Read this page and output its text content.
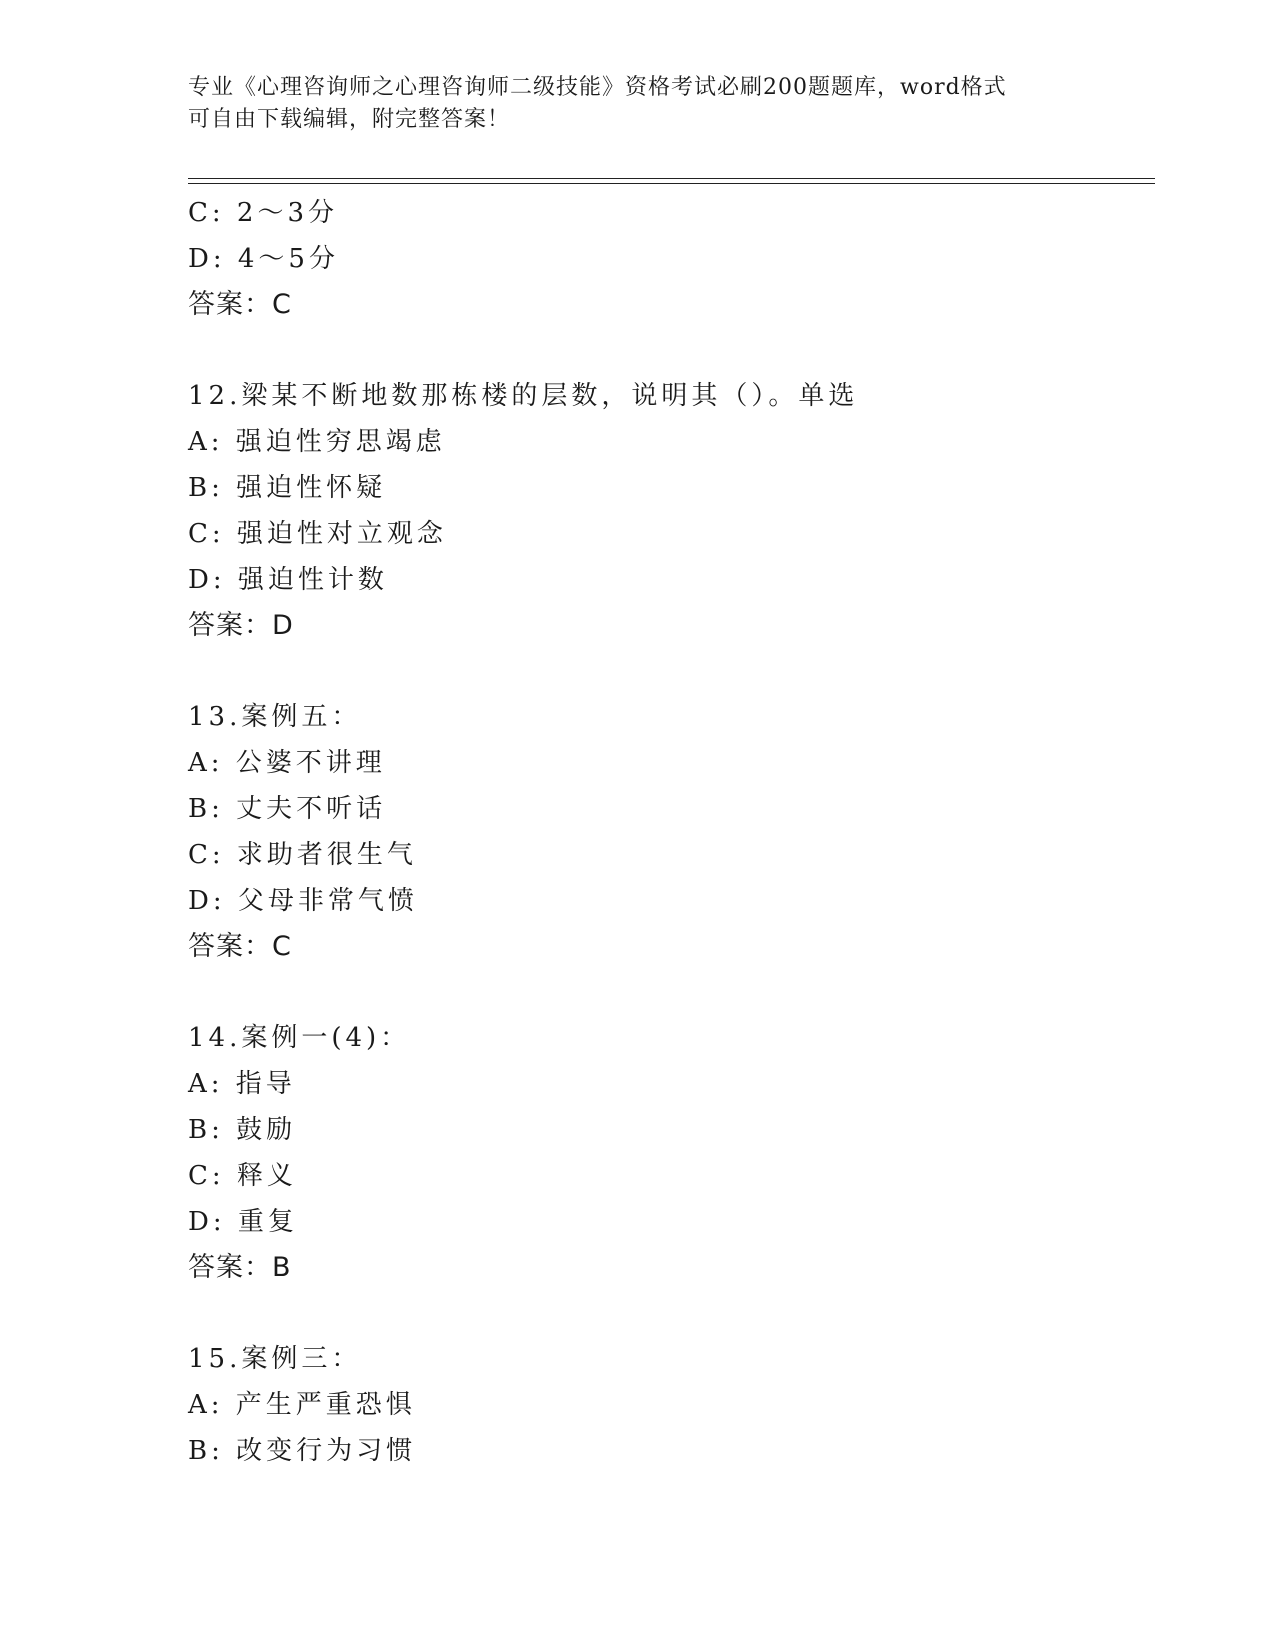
专业《心理咨询师之心理咨询师二级技能》资格考试必刷200题题库，word格式
可自由下载编辑，附完整答案！
C: 2～3分
D: 4～5分
答案：C
12.梁某不断地数那栋楼的层数，说明其（）。单选
A: 强迫性穷思竭虑
B: 强迫性怀疑
C: 强迫性对立观念
D: 强迫性计数
答案：D
13.案例五：
A: 公婆不讲理
B: 丈夫不听话
C: 求助者很生气
D: 父母非常气愤
答案：C
14.案例一(4)：
A: 指导
B: 鼓励
C: 释义
D: 重复
答案：B
15.案例三：
A: 产生严重恐惧
B: 改变行为习惯
